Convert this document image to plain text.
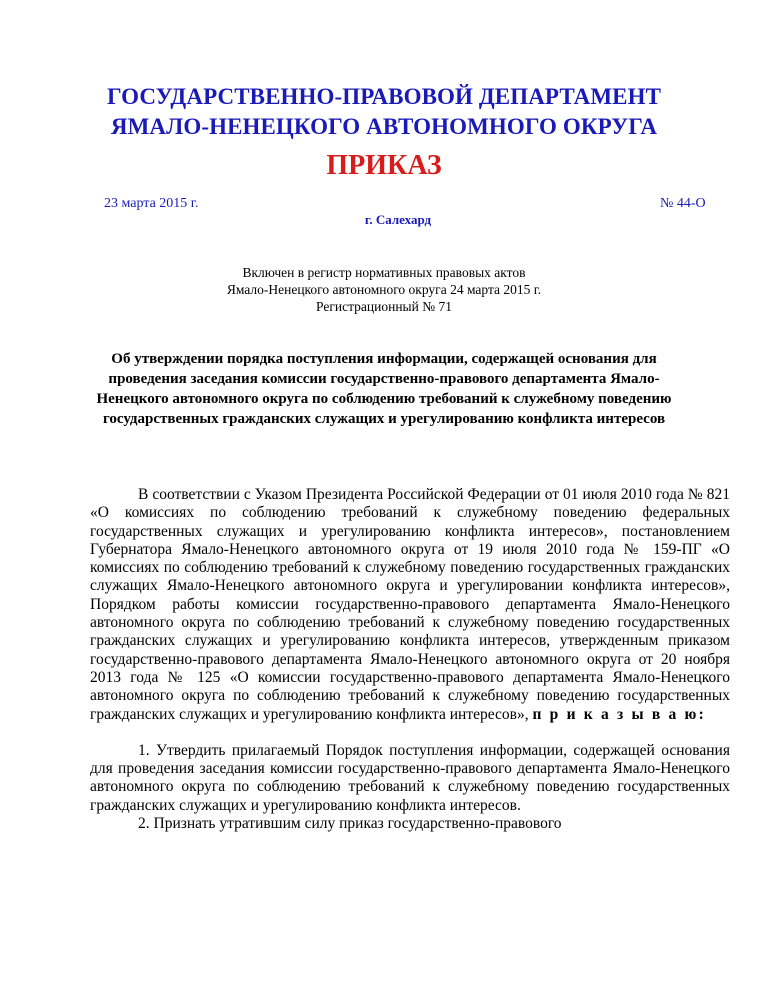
ГОСУДАРСТВЕННО-ПРАВОВОЙ ДЕПАРТАМЕНТ
ЯМАЛО-НЕНЕЦКОГО АВТОНОМНОГО ОКРУГА
ПРИКАЗ
23 марта 2015 г.	№ 44-О
г. Салехард
Включен в регистр нормативных правовых актов
Ямало-Ненецкого автономного округа 24 марта 2015 г.
Регистрационный № 71
Об утверждении порядка поступления информации, содержащей основания для проведения заседания комиссии государственно-правового департамента Ямало-Ненецкого автономного округа по соблюдению требований к служебному поведению государственных гражданских служащих и урегулированию конфликта интересов

В соответствии с Указом Президента Российской Федерации от 01 июля 2010 года № 821 «О комиссиях по соблюдению требований к служебному поведению федеральных государственных служащих и урегулированию конфликта интересов», постановлением Губернатора Ямало-Ненецкого автономного округа от 19 июля 2010 года № 159-ПГ «О комиссиях по соблюдению требований к служебному поведению государственных гражданских служащих Ямало-Ненецкого автономного округа и урегулировании конфликта интересов», Порядком работы комиссии государственно-правового департамента Ямало-Ненецкого автономного округа по соблюдению требований к служебному поведению государственных гражданских служащих и урегулированию конфликта интересов, утвержденным приказом государственно-правового департамента Ямало-Ненецкого автономного округа от 20 ноября 2013 года № 125 «О комиссии государственно-правового департамента Ямало-Ненецкого автономного округа по соблюдению требований к служебному поведению государственных гражданских служащих и урегулированию конфликта интересов», п р и к а з ы в а ю:

1. Утвердить прилагаемый Порядок поступления информации, содержащей основания для проведения заседания комиссии государственно-правового департамента Ямало-Ненецкого автономного округа по соблюдению требований к служебному поведению государственных гражданских служащих и урегулированию конфликта интересов.

2. Признать утратившим силу приказ государственно-правового
